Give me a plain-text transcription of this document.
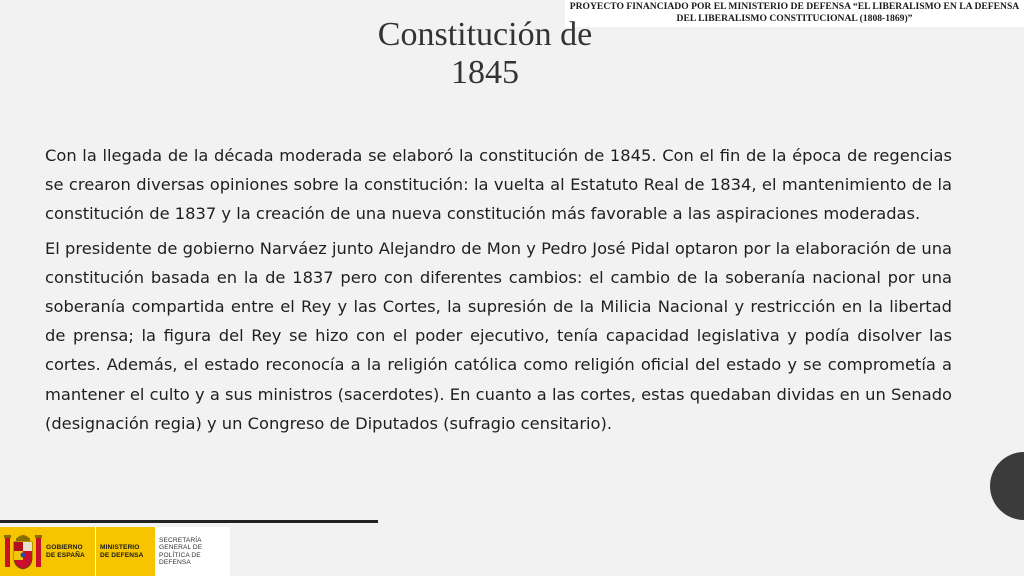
PROYECTO FINANCIADO POR EL MINISTERIO DE DEFENSA “EL LIBERALISMO EN LA DEFENSA
DEL LIBERALISMO CONSTITUCIONAL (1808-1869)”
Constitución de
1845

Con la llegada de la década moderada se elaboró la constitución de 1845. Con el fin de la época de regencias se crearon diversas opiniones sobre la constitución: la vuelta al Estatuto Real de 1834, el mantenimiento de la constitución de 1837 y la creación de una nueva constitución más favorable a las aspiraciones moderadas.

El presidente de gobierno Narváez junto Alejandro de Mon y Pedro José Pidal optaron por la elaboración de una constitución basada en la de 1837 pero con diferentes cambios: el cambio de la soberanía nacional por una soberanía compartida entre el Rey y las Cortes, la supresión de la Milicia Nacional y restricción en la libertad de prensa; la figura del Rey se hizo con el poder ejecutivo, tenía capacidad legislativa y podía disolver las cortes. Además, el estado reconocía a la religión católica como religión oficial del estado y se comprometía a mantener el culto y a sus ministros (sacerdotes). En cuanto a las cortes, estas quedaban dividas en un Senado (designación regia) y un Congreso de Diputados (sufragio censitario).

GOBIERNO
DE ESPAÑA
MINISTERIO
DE DEFENSA
SECRETARÍA GENERAL DE
POLÍTICA DE DEFENSA
